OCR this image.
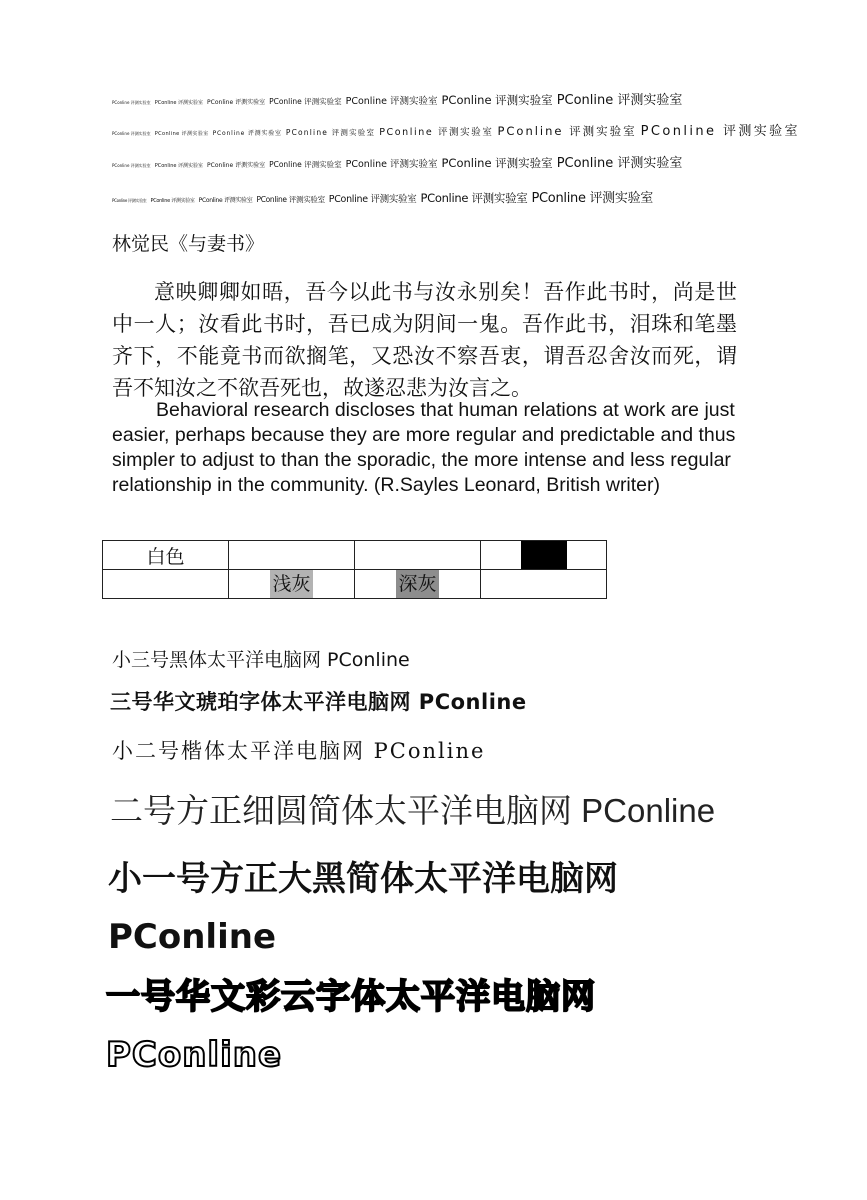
PConline 评测实验室 PConline 评测实验室 PConline 评测实验室 PConline 评测实验室 PConline 评测实验室 PConline 评测实验室 PConline 评测实验室
PConline 评测实验室 PConline 评测实验室 PConline 评测实验室 PConline 评测实验室 PConline 评测实验室 PConline 评测实验室 PConline 评测实验室
PConline 评测实验室 PConline 评测实验室 PConline 评测实验室 PConline 评测实验室 PConline 评测实验室 PConline 评测实验室 PConline 评测实验室
PConline 评测实验室 PConline 评测实验室 PConline 评测实验室 PConline 评测实验室 PConline 评测实验室 PConline 评测实验室 PConline 评测实验室
林觉民《与妻书》

意映卿卿如晤，吾今以此书与汝永别矣！吾作此书时，尚是世中一人；汝看此书时，吾已成为阴间一鬼。吾作此书，泪珠和笔墨齐下，不能竟书而欲搁笔，又恐汝不察吾衷，谓吾忍舍汝而死，谓吾不知汝之不欲吾死也，故遂忍悲为汝言之。

Behavioral research discloses that human relations at work are just easier, perhaps because they are more regular and predictable and thus simpler to adjust to than the sporadic, the more intense and less regular relationship in the community. (R.Sayles Leonard, British writer)

白色			

	浅灰	深灰	
小三号黑体太平洋电脑网 PConline
三号华文琥珀字体太平洋电脑网 PConline
小二号楷体太平洋电脑网 PConline
二号方正细圆简体太平洋电脑网 PConline
小一号方正大黑简体太平洋电脑网 PConline
一号华文彩云字体太平洋电脑网 PConline
